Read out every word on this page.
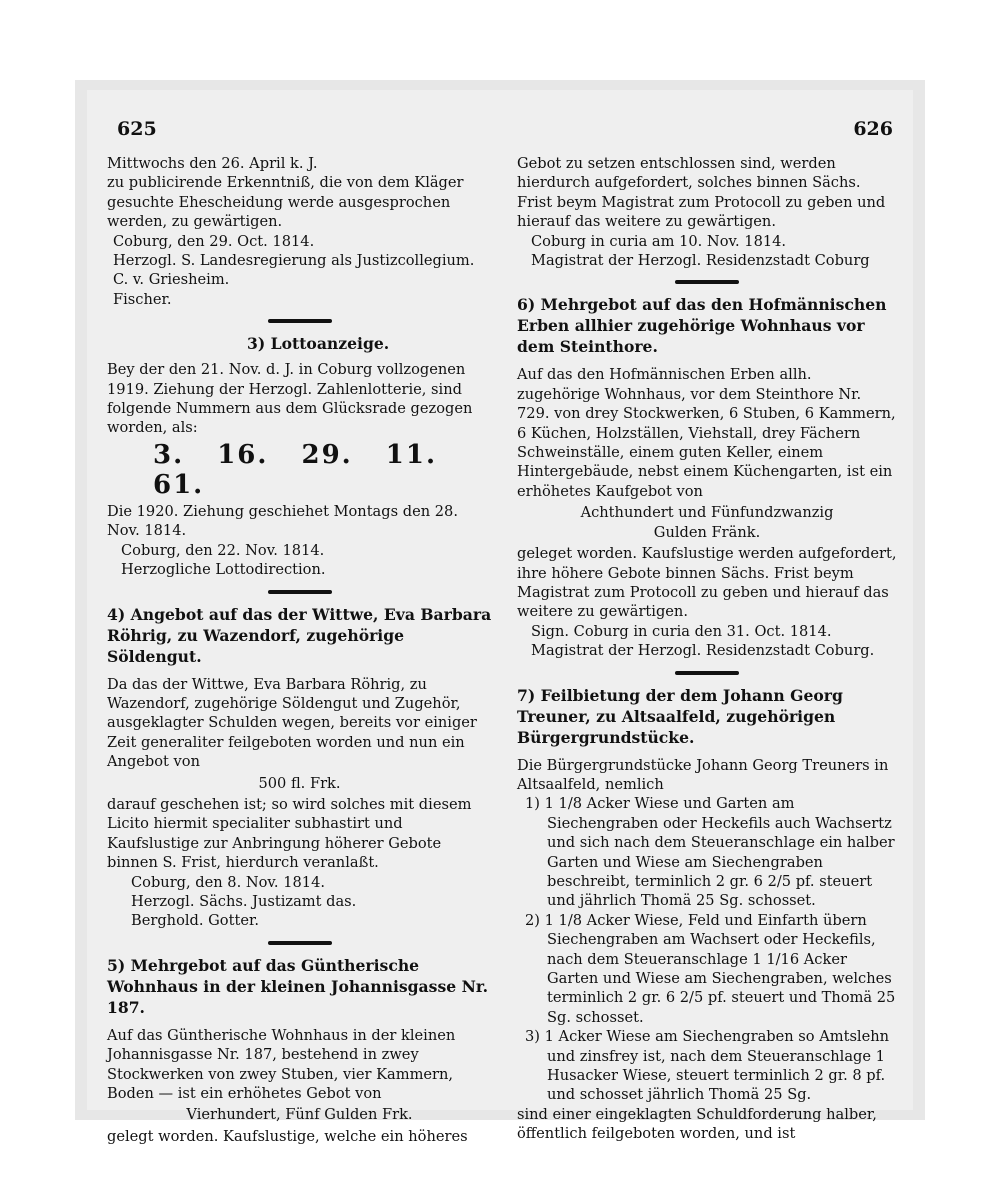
625	626
Mittwochs den 26. April k. J.
zu publicirende Erkenntniß, die von dem Kläger gesuchte Ehescheidung werde ausgesprochen werden, zu gewärtigen.
Coburg, den 29. Oct. 1814.
Herzogl. S. Landesregierung als Justizcollegium.
C. v. Griesheim.
Fischer.
3) Lottoanzeige.
Bey der den 21. Nov. d. J. in Coburg vollzogenen 1919. Ziehung der Herzogl. Zahlenlotterie, sind folgende Nummern aus dem Glücksrade gezogen worden, als:
3. 16. 29. 11. 61.
Die 1920. Ziehung geschiehet Montags den 28. Nov. 1814.
Coburg, den 22. Nov. 1814.
Herzogliche Lottodirection.
4) Angebot auf das der Wittwe, Eva Barbara Röhrig, zu Wazendorf, zugehörige Söldengut.
Da das der Wittwe, Eva Barbara Röhrig, zu Wazendorf, zugehörige Söldengut und Zugehör, ausgeklagter Schulden wegen, bereits vor einiger Zeit generaliter feilgeboten worden und nun ein Angebot von
500 fl. Frk.
darauf geschehen ist; so wird solches mit diesem Licito hiermit specialiter subhastirt und Kaufslustige zur Anbringung höherer Gebote binnen S. Frist, hierdurch veranlaßt.
Coburg, den 8. Nov. 1814.
Herzogl. Sächs. Justizamt das.
Berghold. Gotter.
5) Mehrgebot auf das Güntherische Wohnhaus in der kleinen Johannisgasse Nr. 187.
Auf das Güntherische Wohnhaus in der kleinen Johannisgasse Nr. 187, bestehend in zwey Stockwerken von zwey Stuben, vier Kammern, Boden — ist ein erhöhetes Gebot von
Vierhundert, Fünf Gulden Frk.
gelegt worden. Kaufslustige, welche ein höheres
Gebot zu setzen entschlossen sind, werden hierdurch aufgefordert, solches binnen Sächs. Frist beym Magistrat zum Protocoll zu geben und hierauf das weitere zu gewärtigen.
Coburg in curia am 10. Nov. 1814.
Magistrat der Herzogl. Residenzstadt Coburg
6) Mehrgebot auf das den Hofmännischen Erben allhier zugehörige Wohnhaus vor dem Steinthore.
Auf das den Hofmännischen Erben allh. zugehörige Wohnhaus, vor dem Steinthore Nr. 729. von drey Stockwerken, 6 Stuben, 6 Kammern, 6 Küchen, Holzställen, Viehstall, drey Fächern Schweinställe, einem guten Keller, einem Hintergebäude, nebst einem Küchengarten, ist ein erhöhetes Kaufgebot von
Achthundert und Fünfundzwanzig
Gulden Fränk.
geleget worden. Kaufslustige werden aufgefordert, ihre höhere Gebote binnen Sächs. Frist beym Magistrat zum Protocoll zu geben und hierauf das weitere zu gewärtigen.
Sign. Coburg in curia den 31. Oct. 1814.
Magistrat der Herzogl. Residenzstadt Coburg.
7) Feilbietung der dem Johann Georg Treuner, zu Altsaalfeld, zugehörigen Bürgergrundstücke.
Die Bürgergrundstücke Johann Georg Treuners in Altsaalfeld, nemlich
1) 1 1/8 Acker Wiese und Garten am Siechengraben oder Heckefils auch Wachsertz und sich nach dem Steueranschlage ein halber Garten und Wiese am Siechengraben beschreibt, terminlich 2 gr. 6 2/5 pf. steuert und jährlich Thomä 25 Sg. schosset.
2) 1 1/8 Acker Wiese, Feld und Einfarth übern Siechengraben am Wachsert oder Heckefils, nach dem Steueranschlage 1 1/16 Acker Garten und Wiese am Siechengraben, welches terminlich 2 gr. 6 2/5 pf. steuert und Thomä 25 Sg. schosset.
3) 1 Acker Wiese am Siechengraben so Amtslehn und zinsfrey ist, nach dem Steueranschlage 1 Husacker Wiese, steuert terminlich 2 gr. 8 pf. und schosset jährlich Thomä 25 Sg.
sind einer eingeklagten Schuldforderung halber, öffentlich feilgeboten worden, und ist
